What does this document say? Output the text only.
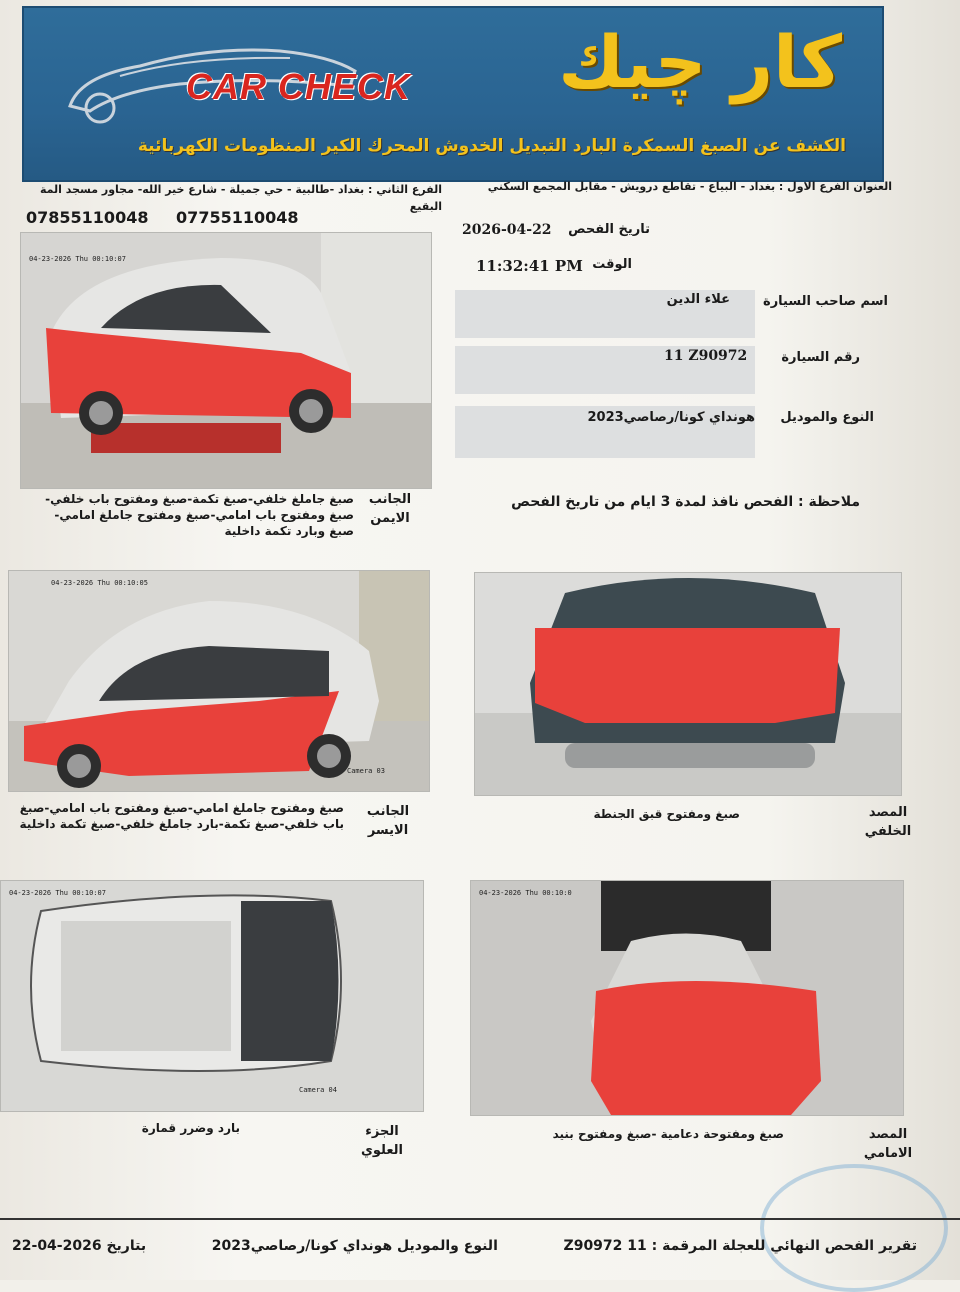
CAR CHECK كار چيك
الكشف عن الصبغ السمكرة البارد التبديل الخدوش المحرك الكير المنظومات الكهربائية
العنوان الفرع الاول : بغداد - البياع - تقاطع درويش - مقابل المجمع السكني
الفرع الثاني : بغداد -طالبية - حي جميلة - شارع خير الله- مجاور مسجد المة البقيع
07855110048 07755110048
2026-04-22 تاريخ الفحص
11:32:41 PM الوقت
علاء الدين	اسم صاحب السيارة
11 Z90972	رقم السيارة
هونداي كونا/رصاصي2023 النوع والموديل
ملاحظة : الفحص نافذ لمدة 3 ايام من تاريخ الفحص
04-23-2026 Thu 00:10:07
صبغ جاملغ خلفي-صبغ تكمة-صبغ ومفتوح باب خلفي-صبغ ومفتوح باب امامي-صبغ ومفتوح جاملغ امامي-صبغ وبارد تكمة داخلية
الجانب الايمن
04-23-2026 Thu 00:10:05
Camera 03
صبغ ومفتوح جاملغ امامي-صبغ ومفتوح باب امامي-صبغ باب خلفي-صبغ تكمة-بارد جاملغ خلفي-صبغ تكمة داخلية
الجانب الايسر
صبغ ومفتوح قبق الجنطة	المصد الخلفي
04-23-2026 Thu 00:10:07
Camera 04
بارد وضرر قمارة	الجزء العلوي
04-23-2026 Thu 00:10:0
صبغ ومفتوحة دعامية -صبغ ومفتوح بنيد	المصد الامامي
تقرير الفحص النهائي للعجلة المرقمة : 11 Z90972
النوع والموديل هونداي كونا/رصاصي2023
بتاريخ 2026-04-22
